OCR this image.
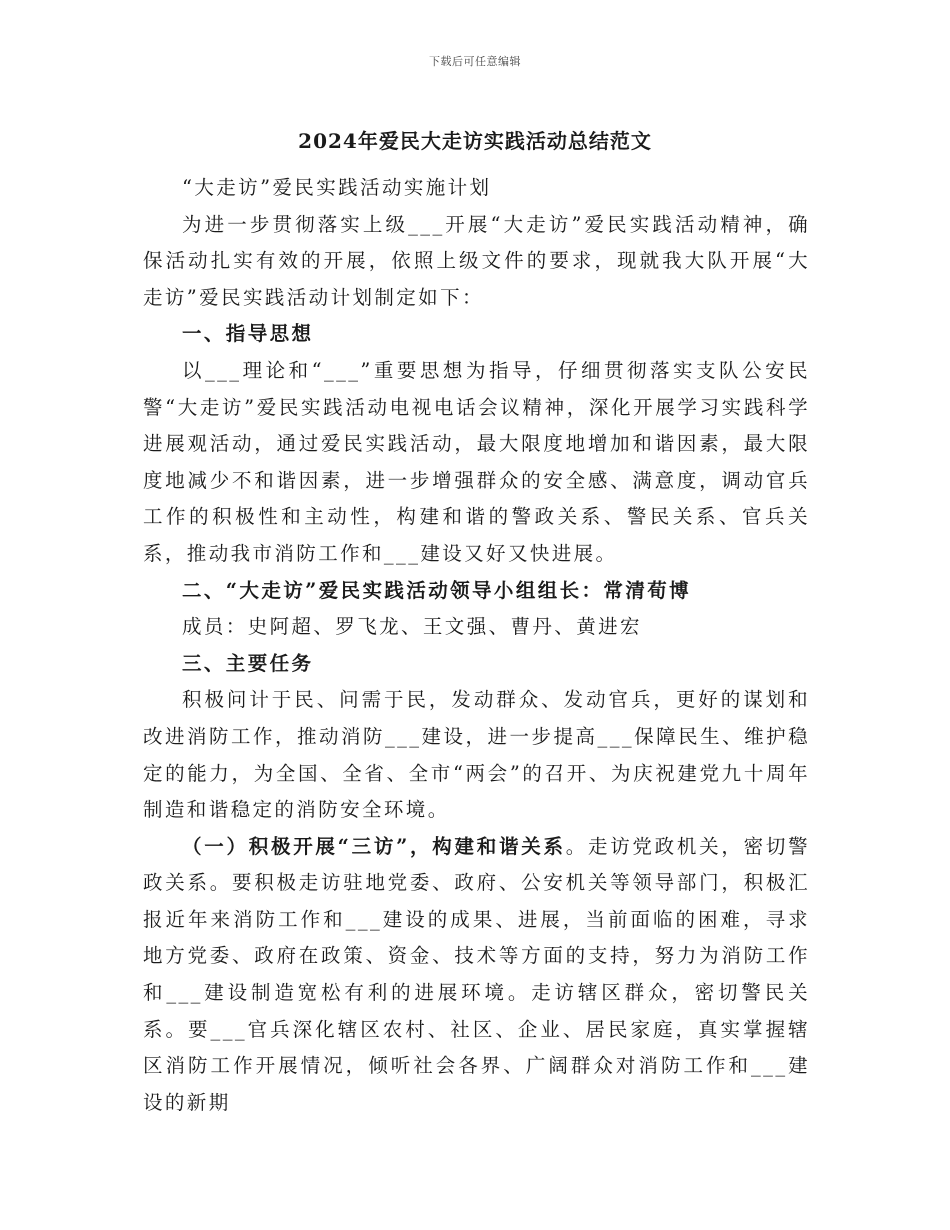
下载后可任意编辑
2024年爱民大走访实践活动总结范文

“大走访”爱民实践活动实施计划

为进一步贯彻落实上级___开展“大走访”爱民实践活动精神，确保活动扎实有效的开展，依照上级文件的要求，现就我大队开展“大走访”爱民实践活动计划制定如下：

一、指导思想

以___理论和“___”重要思想为指导，仔细贯彻落实支队公安民警“大走访”爱民实践活动电视电话会议精神，深化开展学习实践科学进展观活动，通过爱民实践活动，最大限度地增加和谐因素，最大限度地减少不和谐因素，进一步增强群众的安全感、满意度，调动官兵工作的积极性和主动性，构建和谐的警政关系、警民关系、官兵关系，推动我市消防工作和___建设又好又快进展。

二、“大走访”爱民实践活动领导小组组长：常清荀博

成员：史阿超、罗飞龙、王文强、曹丹、黄进宏

三、主要任务

积极问计于民、问需于民，发动群众、发动官兵，更好的谋划和改进消防工作，推动消防___建设，进一步提高___保障民生、维护稳定的能力，为全国、全省、全市“两会”的召开、为庆祝建党九十周年制造和谐稳定的消防安全环境。

（一）积极开展“三访”，构建和谐关系。走访党政机关，密切警政关系。要积极走访驻地党委、政府、公安机关等领导部门，积极汇报近年来消防工作和___建设的成果、进展，当前面临的困难，寻求地方党委、政府在政策、资金、技术等方面的支持，努力为消防工作和___建设制造宽松有利的进展环境。走访辖区群众，密切警民关系。要___官兵深化辖区农村、社区、企业、居民家庭，真实掌握辖区消防工作开展情况，倾听社会各界、广阔群众对消防工作和___建设的新期
